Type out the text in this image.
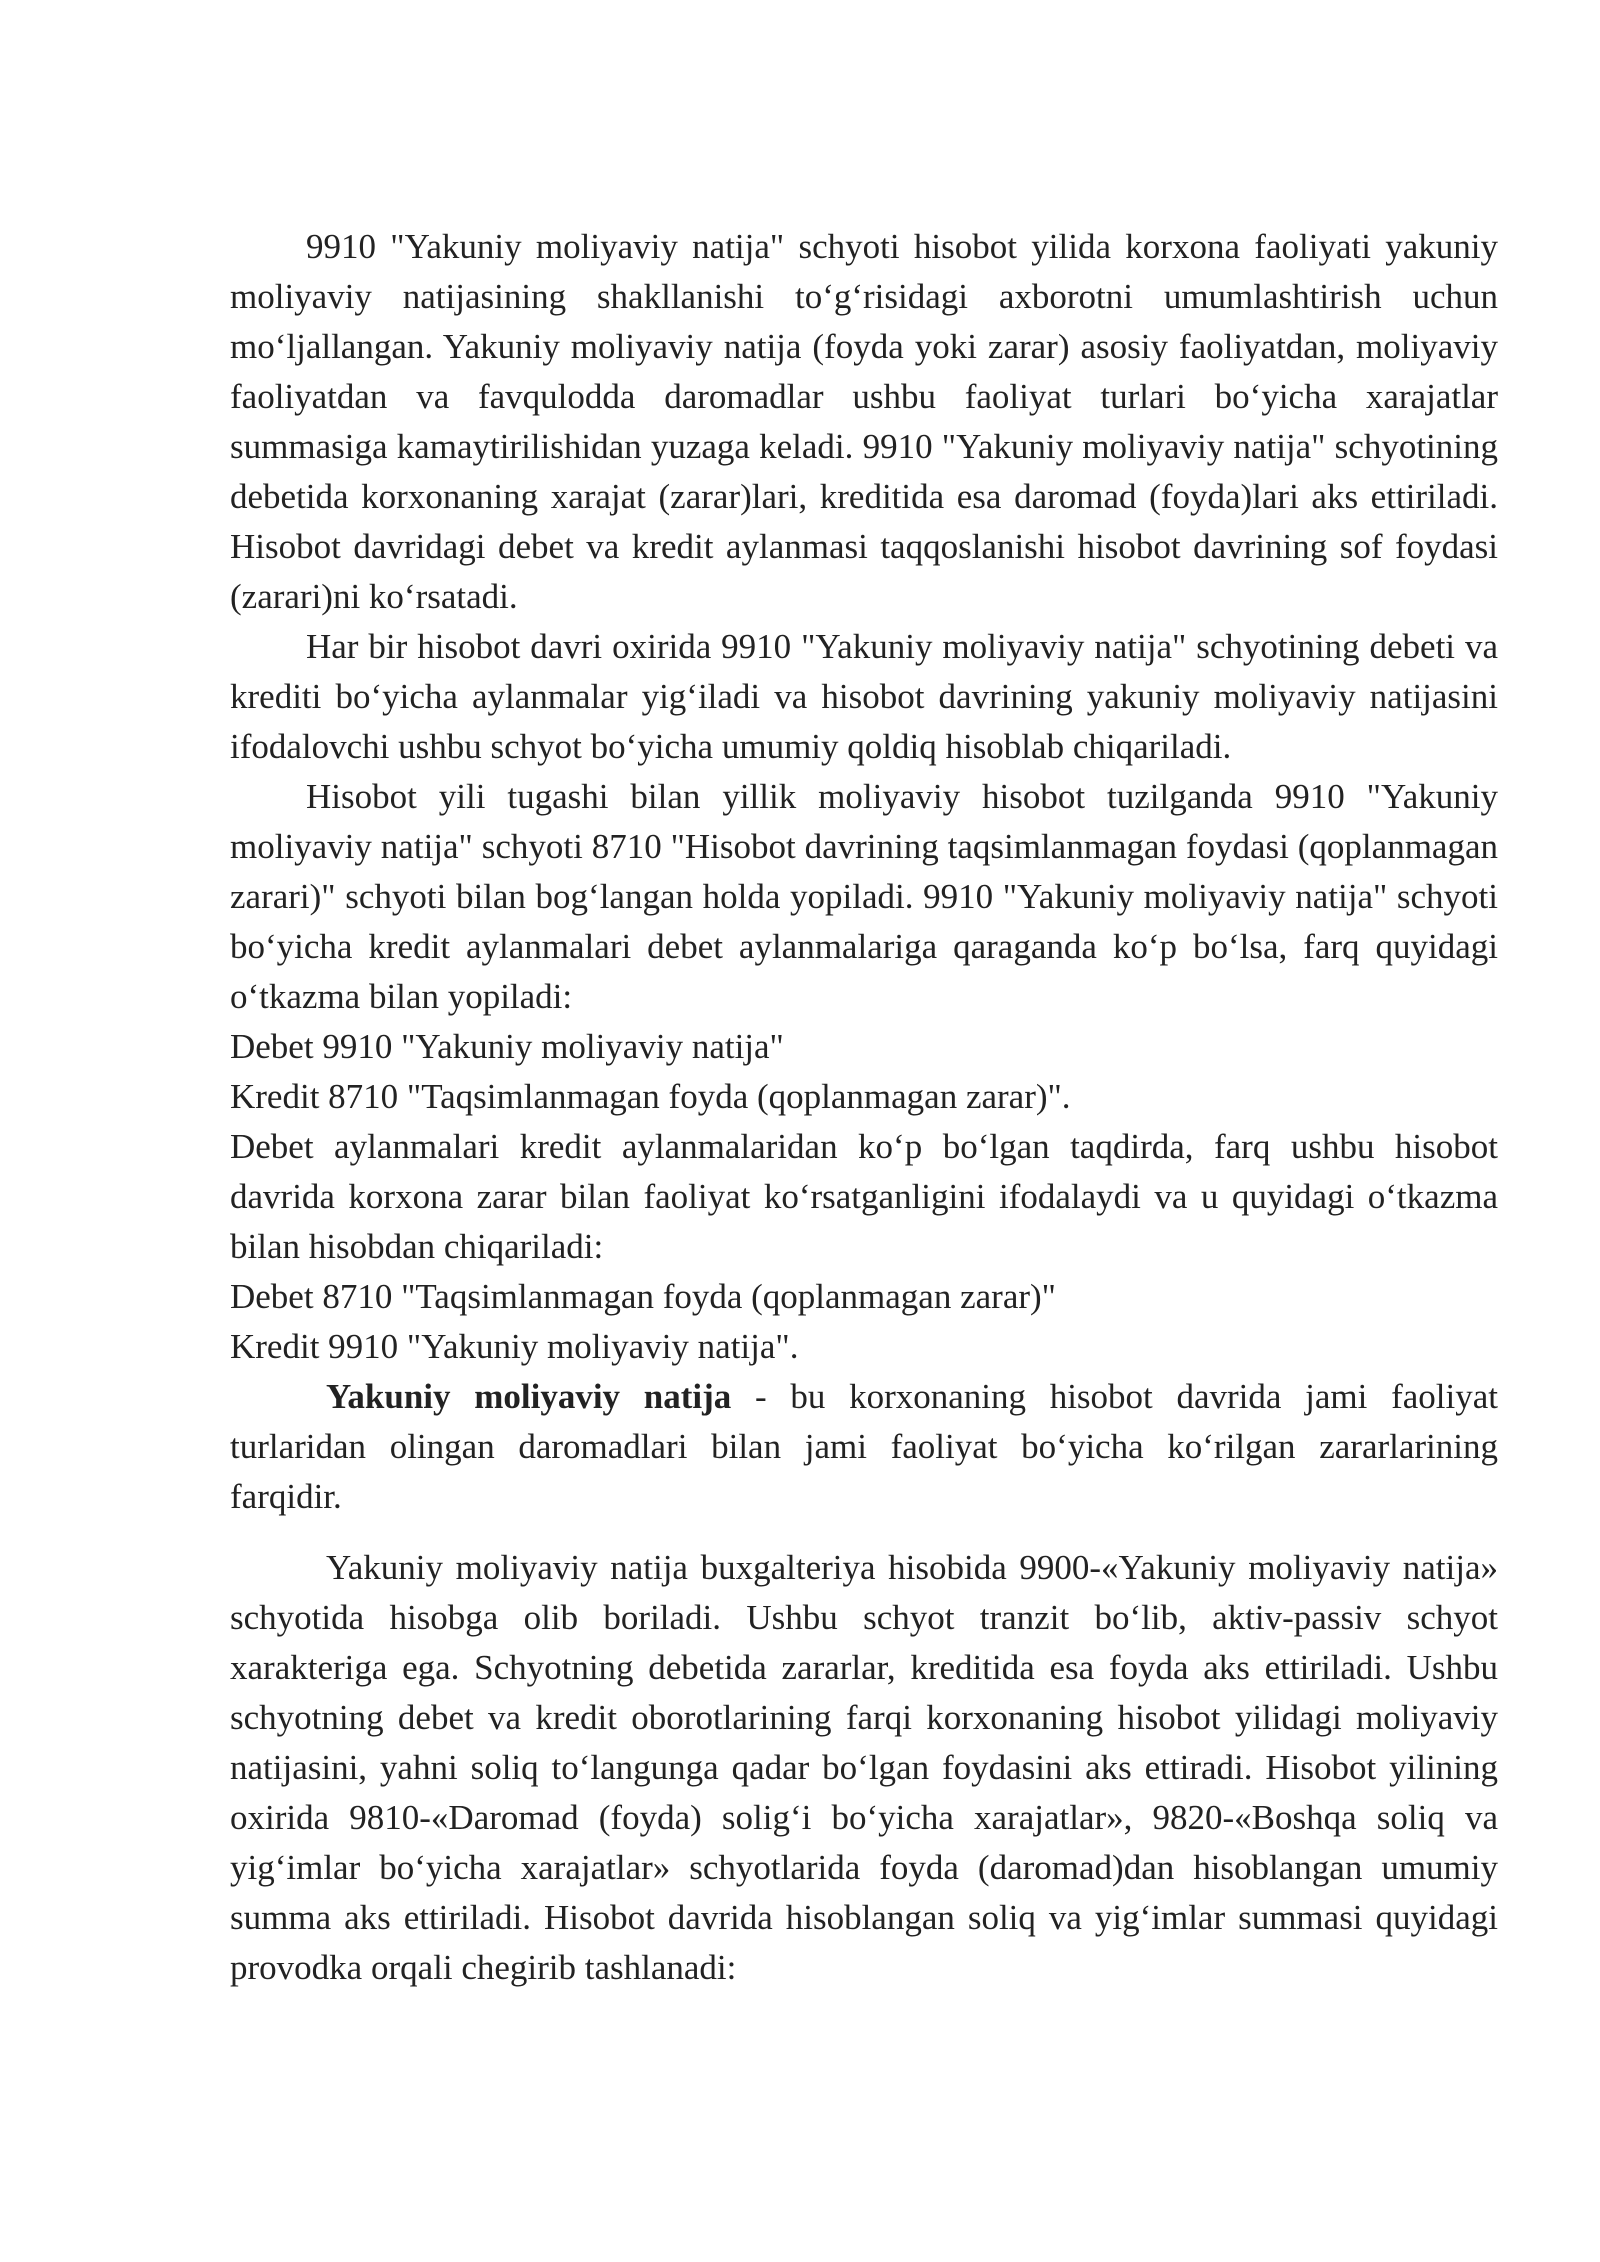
9910 "Yakuniy moliyaviy natija" schyoti hisobot yilida korxona faoliyati yakuniy moliyaviy natijasining shakllanishi to‘g‘risidagi axborotni umumlashtirish uchun mo‘ljallangan. Yakuniy moliyaviy natija (foyda yoki zarar) asosiy faoliyatdan, moliyaviy faoliyatdan va favqulodda daromadlar ushbu faoliyat turlari bo‘yicha xarajatlar summasiga kamaytirilishidan yuzaga keladi. 9910 "Yakuniy moliyaviy natija" schyotining debetida korxonaning xarajat (zarar)lari, kreditida esa daromad (foyda)lari aks ettiriladi. Hisobot davridagi debet va kredit aylanmasi taqqoslanishi hisobot davrining sof foydasi (zarari)ni ko‘rsatadi.

Har bir hisobot davri oxirida 9910 "Yakuniy moliyaviy natija" schyotining debeti va krediti bo‘yicha aylanmalar yig‘iladi va hisobot davrining yakuniy moliyaviy natijasini ifodalovchi ushbu schyot bo‘yicha umumiy qoldiq hisoblab chiqariladi.

Hisobot yili tugashi bilan yillik moliyaviy hisobot tuzilganda 9910 "Yakuniy moliyaviy natija" schyoti 8710 "Hisobot davrining taqsimlanmagan foydasi (qoplanmagan zarari)" schyoti bilan bog‘langan holda yopiladi. 9910 "Yakuniy moliyaviy natija" schyoti bo‘yicha kredit aylanmalari debet aylanmalariga qaraganda ko‘p bo‘lsa, farq quyidagi o‘tkazma bilan yopiladi:

Debet 9910 "Yakuniy moliyaviy natija"

Kredit 8710 "Taqsimlanmagan foyda (qoplanmagan zarar)".

Debet aylanmalari kredit aylanmalaridan ko‘p bo‘lgan taqdirda, farq ushbu hisobot davrida korxona zarar bilan faoliyat ko‘rsatganligini ifodalaydi va u quyidagi o‘tkazma bilan hisobdan chiqariladi:

Debet 8710 "Taqsimlanmagan foyda (qoplanmagan zarar)"

Kredit 9910 "Yakuniy moliyaviy natija".

Yakuniy moliyaviy natija - bu korxonaning hisobot davrida jami faoliyat turlaridan olingan daromadlari bilan jami faoliyat bo‘yicha ko‘rilgan zararlarining farqidir.

Yakuniy moliyaviy natija buxgalteriya hisobida 9900-«Yakuniy moliyaviy natija» schyotida hisobga olib boriladi. Ushbu schyot tranzit bo‘lib, aktiv-passiv schyot xarakteriga ega. Schyotning debetida zararlar, kreditida esa foyda aks ettiriladi. Ushbu schyotning debet va kredit oborotlarining farqi korxonaning hisobot yilidagi moliyaviy natijasini, yahni soliq to‘langunga qadar bo‘lgan foydasini aks ettiradi. Hisobot yilining oxirida 9810-«Daromad (foyda) solig‘i bo‘yicha xarajatlar», 9820-«Boshqa soliq va yig‘imlar bo‘yicha xarajatlar» schyotlarida foyda (daromad)dan hisoblangan umumiy summa aks ettiriladi. Hisobot davrida hisoblangan soliq va yig‘imlar summasi quyidagi provodka orqali chegirib tashlanadi:
